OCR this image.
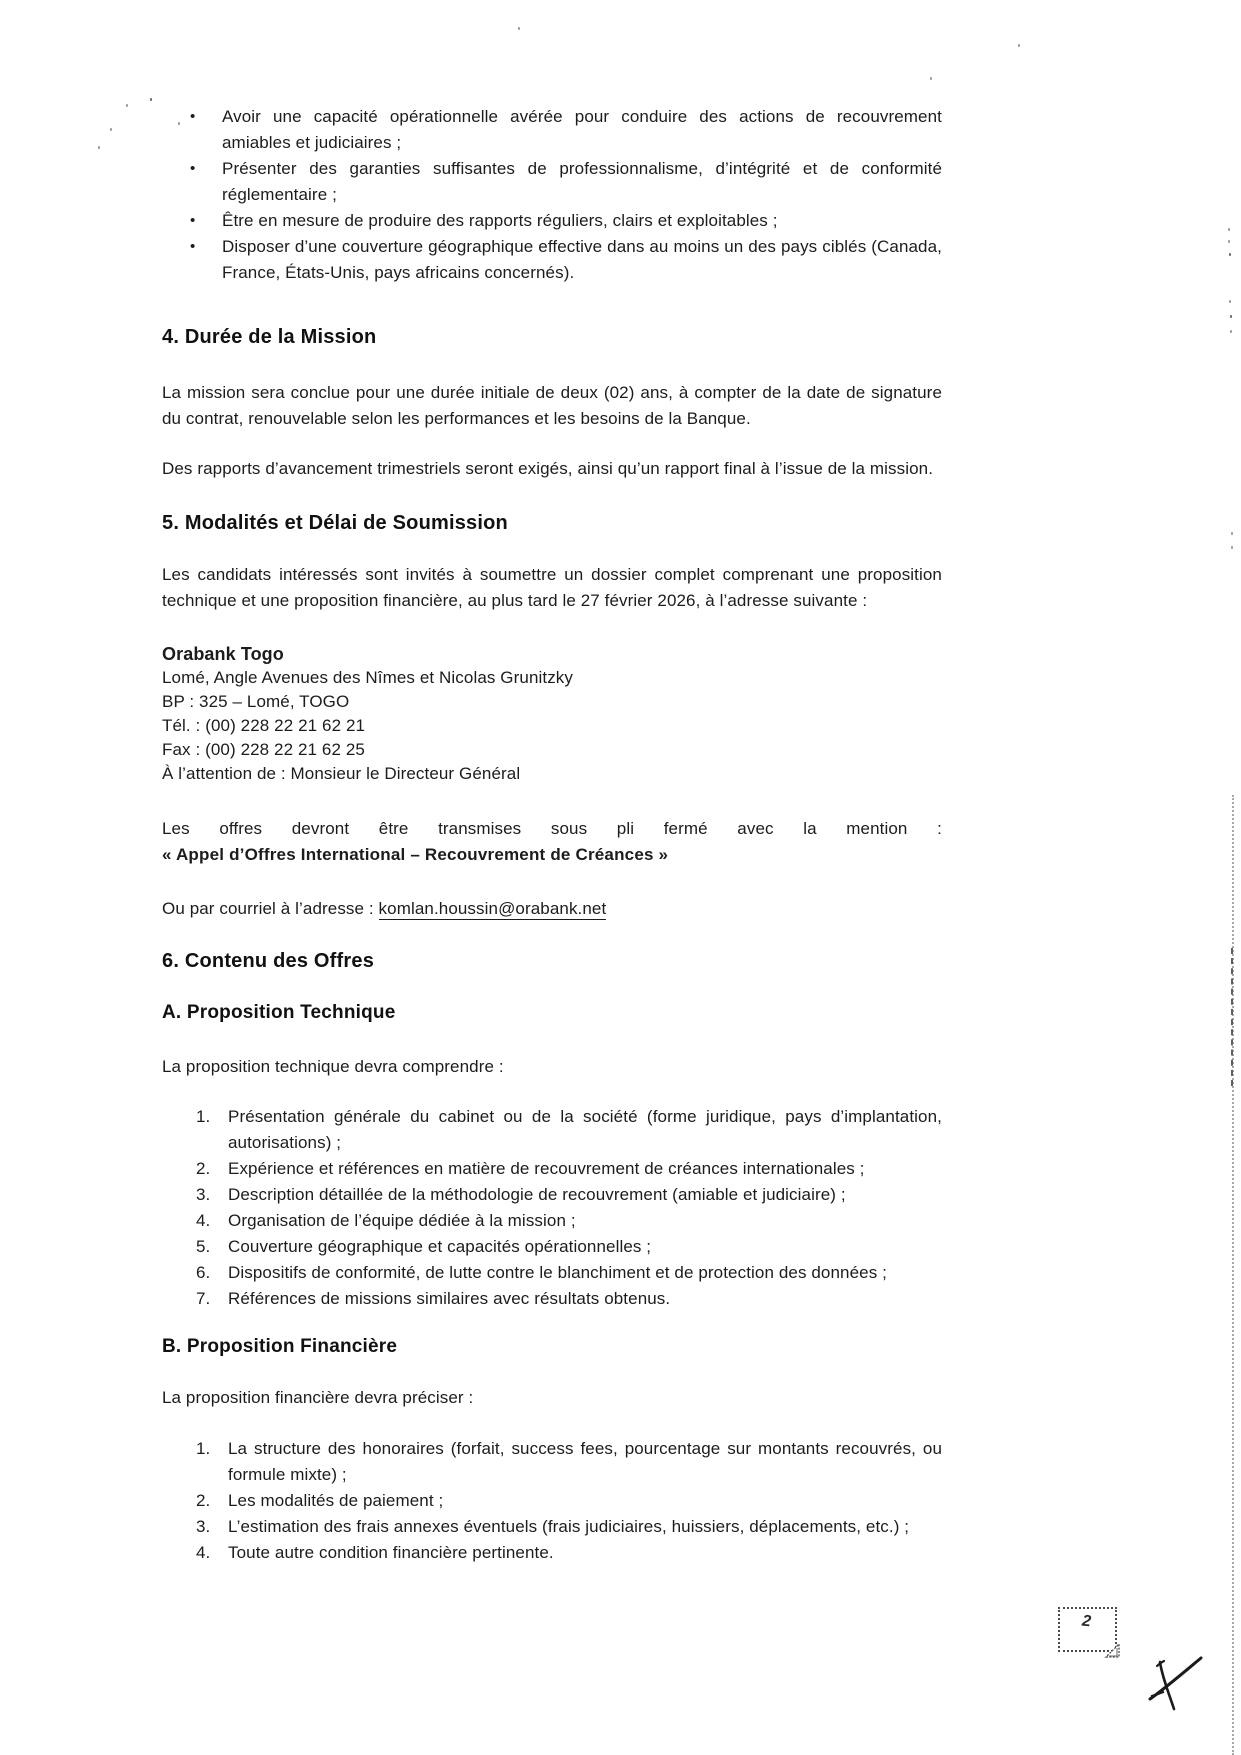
•	Avoir une capacité opérationnelle avérée pour conduire des actions de recouvrement amiables et judiciaires ;
•	Présenter des garanties suffisantes de professionnalisme, d’intégrité et de conformité réglementaire ;
•	Être en mesure de produire des rapports réguliers, clairs et exploitables ;
•	Disposer d’une couverture géographique effective dans au moins un des pays ciblés (Canada, France, États-Unis, pays africains concernés).
4. Durée de la Mission

La mission sera conclue pour une durée initiale de deux (02) ans, à compter de la date de signature du contrat, renouvelable selon les performances et les besoins de la Banque.

Des rapports d’avancement trimestriels seront exigés, ainsi qu’un rapport final à l’issue de la mission.

5. Modalités et Délai de Soumission

Les candidats intéressés sont invités à soumettre un dossier complet comprenant une proposition technique et une proposition financière, au plus tard le 27 février 2026, à l’adresse suivante :

Orabank Togo

Lomé, Angle Avenues des Nîmes et Nicolas Grunitzky

BP : 325 – Lomé, TOGO

Tél. : (00) 228 22 21 62 21

Fax : (00) 228 22 21 62 25

À l’attention de : Monsieur le Directeur Général

Les offres devront être transmises sous pli fermé avec la mention :

« Appel d’Offres International – Recouvrement de Créances »

Ou par courriel à l’adresse : komlan.houssin@orabank.net

6. Contenu des Offres
A. Proposition Technique

La proposition technique devra comprendre :

1.	Présentation générale du cabinet ou de la société (forme juridique, pays d’implantation, autorisations) ;
2.	Expérience et références en matière de recouvrement de créances internationales ;
3.	Description détaillée de la méthodologie de recouvrement (amiable et judiciaire) ;
4.	Organisation de l’équipe dédiée à la mission ;
5.	Couverture géographique et capacités opérationnelles ;
6.	Dispositifs de conformité, de lutte contre le blanchiment et de protection des données ;
7.	Références de missions similaires avec résultats obtenus.
B. Proposition Financière

La proposition financière devra préciser :

1.	La structure des honoraires (forfait, success fees, pourcentage sur montants recouvrés, ou formule mixte) ;
2.	Les modalités de paiement ;
3.	L’estimation des frais annexes éventuels (frais judiciaires, huissiers, déplacements, etc.) ;
4.	Toute autre condition financière pertinente.
2
